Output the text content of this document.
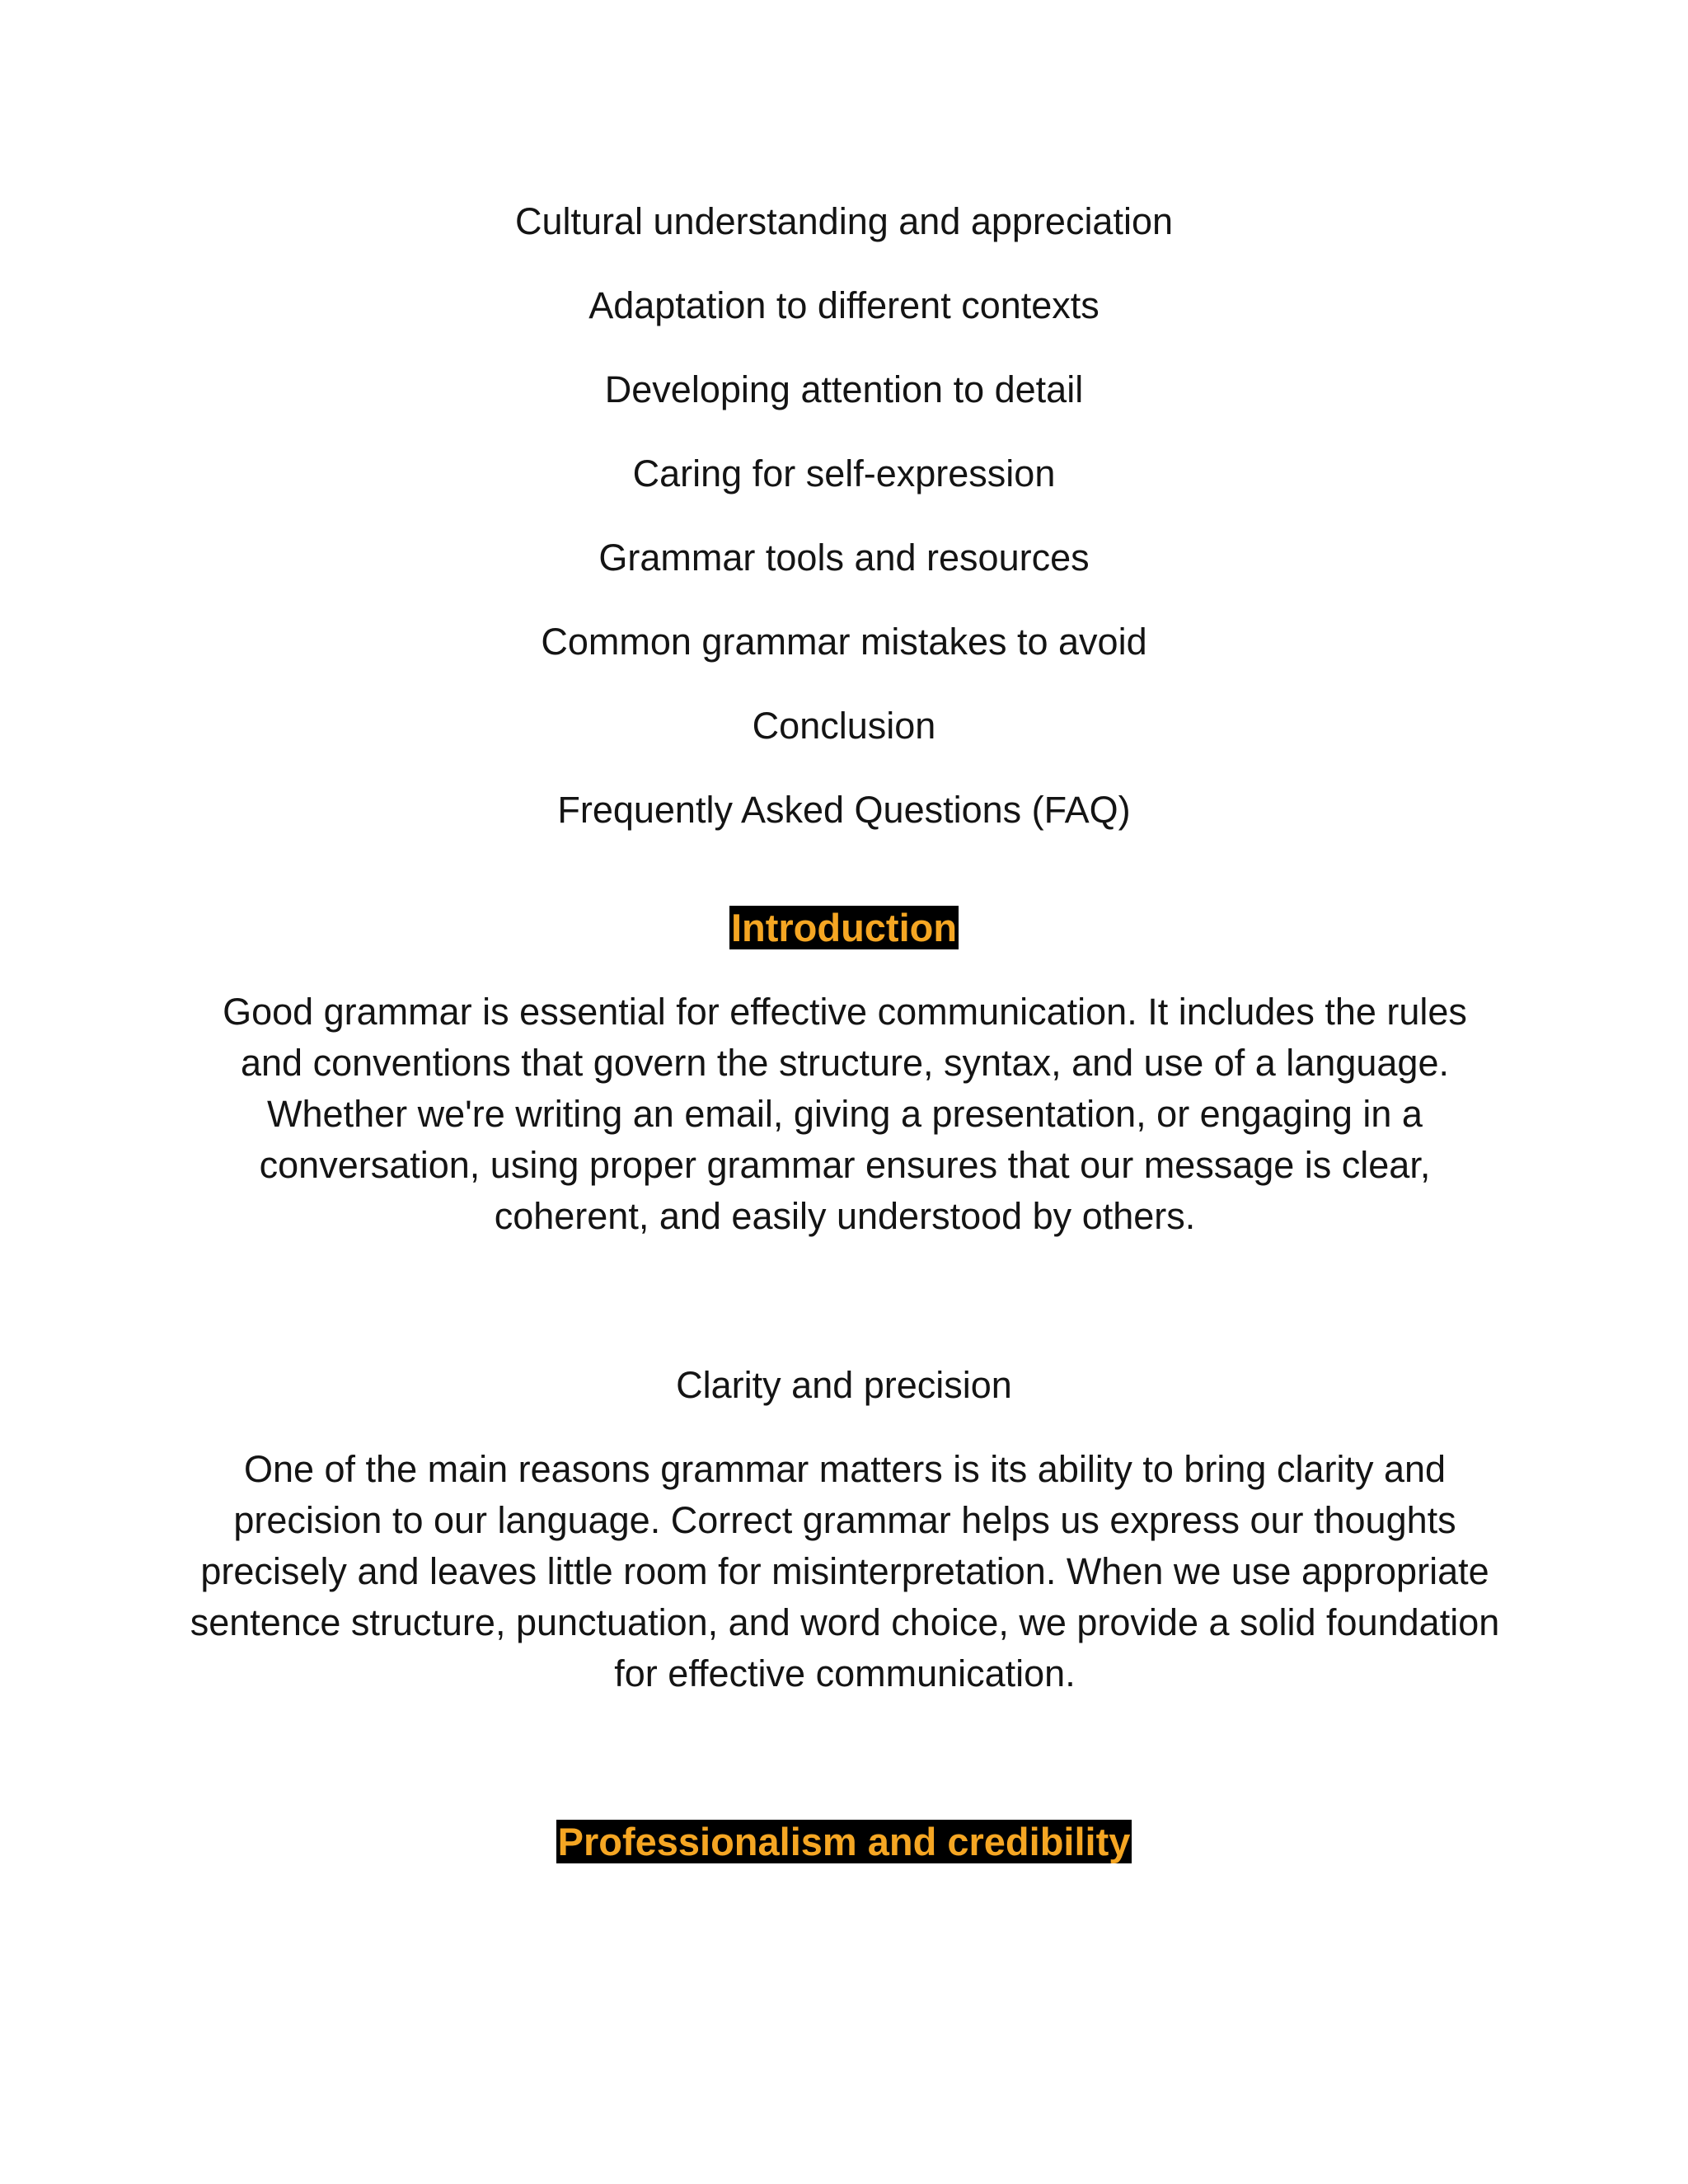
Cultural understanding and appreciation
Adaptation to different contexts
Developing attention to detail
Caring for self-expression
Grammar tools and resources
Common grammar mistakes to avoid
Conclusion
Frequently Asked Questions (FAQ)
Introduction

Good grammar is essential for effective communication. It includes the rules and conventions that govern the structure, syntax, and use of a language. Whether we're writing an email, giving a presentation, or engaging in a conversation, using proper grammar ensures that our message is clear, coherent, and easily understood by others.

Clarity and precision

One of the main reasons grammar matters is its ability to bring clarity and precision to our language. Correct grammar helps us express our thoughts precisely and leaves little room for misinterpretation. When we use appropriate sentence structure, punctuation, and word choice, we provide a solid foundation for effective communication.

Professionalism and credibility
